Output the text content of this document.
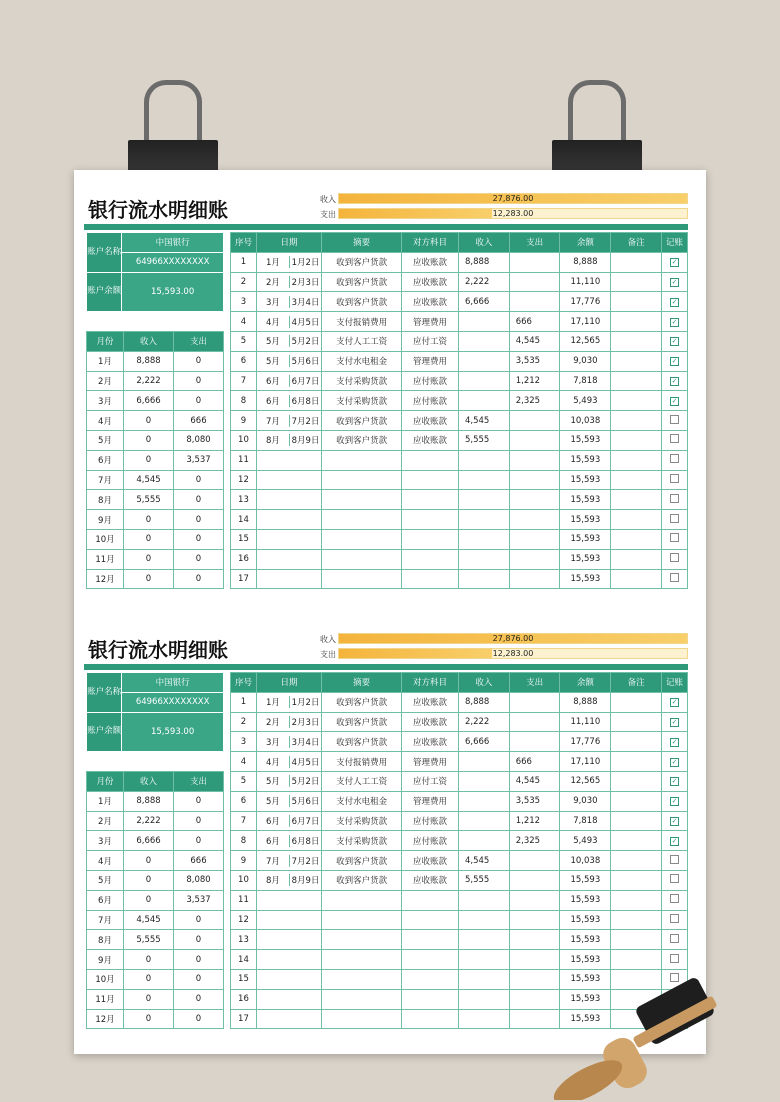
银行流水明细账	收入	27,876.00
支出	12,283.00
账户名称	中国银行
	64966XXXXXXXX
账户余额	15,593.00
月份	收入	支出
1月	8,888	0
2月	2,222	0
3月	6,666	0
4月	0	666
5月	0	8,080
6月	0	3,537
7月	4,545	0
8月	5,555	0
9月	0	0
10月	0	0
11月	0	0
12月	0	0
序号	日期	摘要	对方科目	收入	支出	余额	备注	记账
1	1月 1月2日	收到客户货款	应收账款	8,888		8,888		✓
2	2月 2月3日	收到客户货款	应收账款	2,222		11,110		✓
3	3月 3月4日	收到客户货款	应收账款	6,666		17,776		✓
4	4月 4月5日	支付报销费用	管理费用		666	17,110		✓
5	5月 5月2日	支付人工工资	应付工资		4,545	12,565		✓
6	5月 5月6日	支付水电租金	管理费用		3,535	9,030		✓
7	6月 6月7日	支付采购货款	应付账款		1,212	7,818		✓
8	6月 6月8日	支付采购货款	应付账款		2,325	5,493		✓
9	7月 7月2日	收到客户货款	应收账款	4,545		10,038		
10	8月 8月9日	收到客户货款	应收账款	5,555		15,593		
11						15,593		
12						15,593		
13						15,593		
14						15,593		
15						15,593		
16						15,593		
17						15,593		
银行流水明细账	收入	27,876.00
支出	12,283.00
账户名称	中国银行
	64966XXXXXXXX
账户余额	15,593.00
月份	收入	支出
1月	8,888	0
2月	2,222	0
3月	6,666	0
4月	0	666
5月	0	8,080
6月	0	3,537
7月	4,545	0
8月	5,555	0
9月	0	0
10月	0	0
11月	0	0
12月	0	0
序号	日期	摘要	对方科目	收入	支出	余额	备注	记账
1	1月 1月2日	收到客户货款	应收账款	8,888		8,888		✓
2	2月 2月3日	收到客户货款	应收账款	2,222		11,110		✓
3	3月 3月4日	收到客户货款	应收账款	6,666		17,776		✓
4	4月 4月5日	支付报销费用	管理费用		666	17,110		✓
5	5月 5月2日	支付人工工资	应付工资		4,545	12,565		✓
6	5月 5月6日	支付水电租金	管理费用		3,535	9,030		✓
7	6月 6月7日	支付采购货款	应付账款		1,212	7,818		✓
8	6月 6月8日	支付采购货款	应付账款		2,325	5,493		✓
9	7月 7月2日	收到客户货款	应收账款	4,545		10,038		
10	8月 8月9日	收到客户货款	应收账款	5,555		15,593		
11						15,593		
12						15,593		
13						15,593		
14						15,593		
15						15,593		
16						15,593		
17						15,593		
